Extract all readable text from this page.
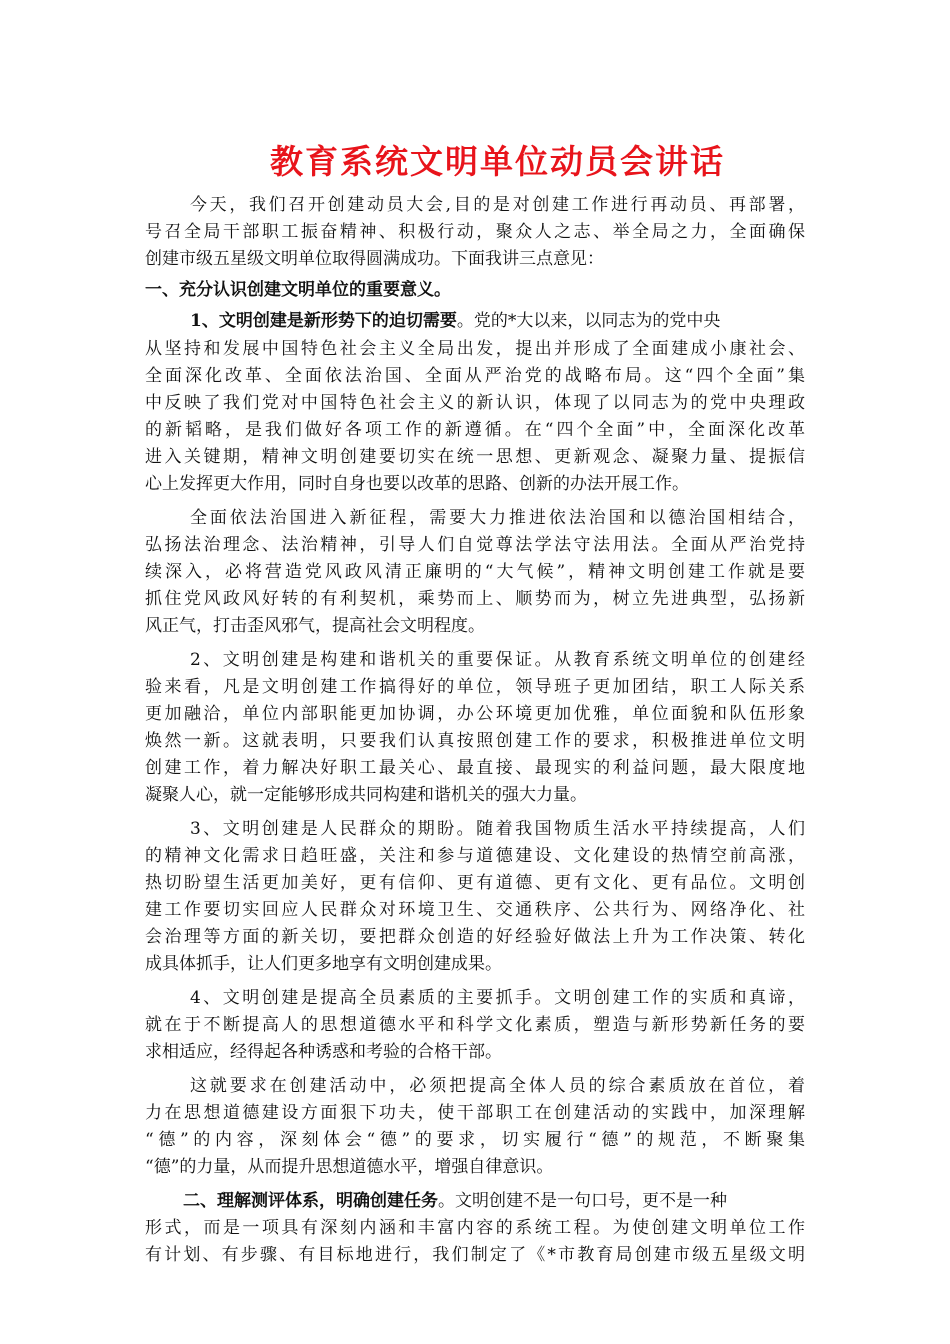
教育系统文明单位动员会讲话
今天，我们召开创建动员大会,目的是对创建工作进行再动员、再部署，
号召全局干部职工振奋精神、积极行动，聚众人之志、举全局之力，全面确保
创建市级五星级文明单位取得圆满成功。下面我讲三点意见：
一、充分认识创建文明单位的重要意义。
1、文明创建是新形势下的迫切需要。党的*大以来，以同志为的党中央
从坚持和发展中国特色社会主义全局出发，提出并形成了全面建成小康社会、
全面深化改革、全面依法治国、全面从严治党的战略布局。这“四个全面”集
中反映了我们党对中国特色社会主义的新认识，体现了以同志为的党中央理政
的新韬略，是我们做好各项工作的新遵循。在“四个全面”中，全面深化改革
进入关键期，精神文明创建要切实在统一思想、更新观念、凝聚力量、提振信
心上发挥更大作用，同时自身也要以改革的思路、创新的办法开展工作。
全面依法治国进入新征程，需要大力推进依法治国和以德治国相结合，
弘扬法治理念、法治精神，引导人们自觉尊法学法守法用法。全面从严治党持
续深入，必将营造党风政风清正廉明的“大气候”，精神文明创建工作就是要
抓住党风政风好转的有利契机，乘势而上、顺势而为，树立先进典型，弘扬新
风正气，打击歪风邪气，提高社会文明程度。
2、文明创建是构建和谐机关的重要保证。从教育系统文明单位的创建经
验来看，凡是文明创建工作搞得好的单位，领导班子更加团结，职工人际关系
更加融洽，单位内部职能更加协调，办公环境更加优雅，单位面貌和队伍形象
焕然一新。这就表明，只要我们认真按照创建工作的要求，积极推进单位文明
创建工作，着力解决好职工最关心、最直接、最现实的利益问题，最大限度地
凝聚人心，就一定能够形成共同构建和谐机关的强大力量。
3、文明创建是人民群众的期盼。随着我国物质生活水平持续提高，人们
的精神文化需求日趋旺盛，关注和参与道德建设、文化建设的热情空前高涨，
热切盼望生活更加美好，更有信仰、更有道德、更有文化、更有品位。文明创
建工作要切实回应人民群众对环境卫生、交通秩序、公共行为、网络净化、社
会治理等方面的新关切，要把群众创造的好经验好做法上升为工作决策、转化
成具体抓手，让人们更多地享有文明创建成果。
4、文明创建是提高全员素质的主要抓手。文明创建工作的实质和真谛，
就在于不断提高人的思想道德水平和科学文化素质，塑造与新形势新任务的要
求相适应，经得起各种诱惑和考验的合格干部。
这就要求在创建活动中，必须把提高全体人员的综合素质放在首位，着
力在思想道德建设方面狠下功夫，使干部职工在创建活动的实践中，加深理解
“德”的内容，深刻体会“德”的要求，切实履行“德”的规范，不断聚集
“德”的力量，从而提升思想道德水平，增强自律意识。
二、理解测评体系，明确创建任务。文明创建不是一句口号，更不是一种
形式，而是一项具有深刻内涵和丰富内容的系统工程。为使创建文明单位工作
有计划、有步骤、有目标地进行，我们制定了《*市教育局创建市级五星级文明
